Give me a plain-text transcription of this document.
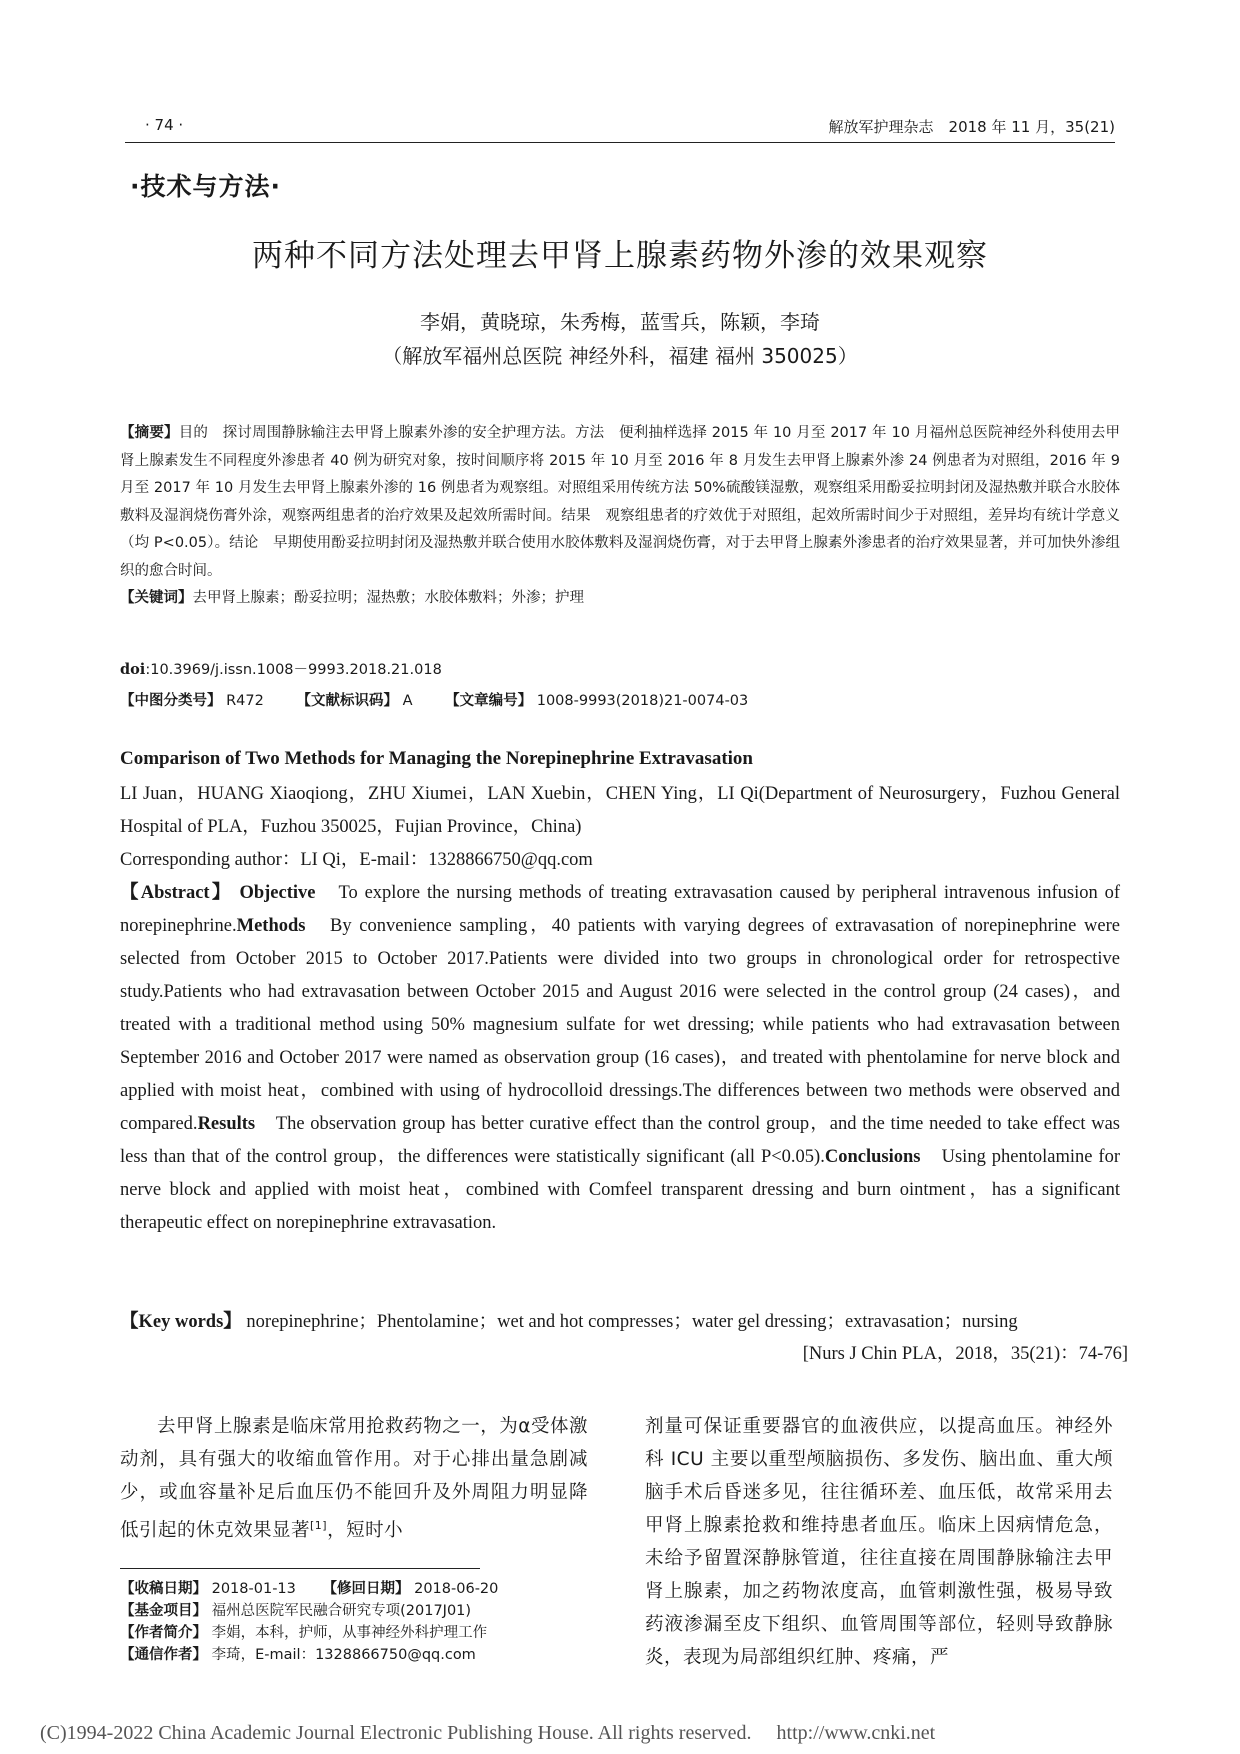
· 74 ·	解放军护理杂志　2018 年 11 月，35(21)
·技术与方法·
两种不同方法处理去甲肾上腺素药物外渗的效果观察
李娟，黄晓琼，朱秀梅，蓝雪兵，陈颖，李琦
（解放军福州总医院 神经外科，福建 福州 350025）
【摘要】目的　探讨周围静脉输注去甲肾上腺素外渗的安全护理方法。方法　便利抽样选择 2015 年 10 月至 2017 年 10 月福州总医院神经外科使用去甲肾上腺素发生不同程度外渗患者 40 例为研究对象，按时间顺序将 2015 年 10 月至 2016 年 8 月发生去甲肾上腺素外渗 24 例患者为对照组，2016 年 9 月至 2017 年 10 月发生去甲肾上腺素外渗的 16 例患者为观察组。对照组采用传统方法 50%硫酸镁湿敷，观察组采用酚妥拉明封闭及湿热敷并联合水胶体敷料及湿润烧伤膏外涂，观察两组患者的治疗效果及起效所需时间。结果　观察组患者的疗效优于对照组，起效所需时间少于对照组，差异均有统计学意义（均 P<0.05）。结论　早期使用酚妥拉明封闭及湿热敷并联合使用水胶体敷料及湿润烧伤膏，对于去甲肾上腺素外渗患者的治疗效果显著，并可加快外渗组织的愈合时间。
【关键词】去甲肾上腺素；酚妥拉明；湿热敷；水胶体敷料；外渗；护理
doi:10.3969/j.issn.1008－9993.2018.21.018
【中图分类号】 R472 【文献标识码】 A 【文章编号】 1008-9993(2018)21-0074-03
Comparison of Two Methods for Managing the Norepinephrine Extravasation
LI Juan，HUANG Xiaoqiong，ZHU Xiumei，LAN Xuebin，CHEN Ying，LI Qi(Department of Neurosurgery，Fuzhou General Hospital of PLA，Fuzhou 350025，Fujian Province，China)
Corresponding author：LI Qi，E-mail：1328866750@qq.com
【Abstract】 Objective　To explore the nursing methods of treating extravasation caused by peripheral intravenous infusion of norepinephrine.Methods　By convenience sampling，40 patients with varying degrees of extravasation of norepinephrine were selected from October 2015 to October 2017.Patients were divided into two groups in chronological order for retrospective study.Patients who had extravasation between October 2015 and August 2016 were selected in the control group (24 cases)，and treated with a traditional method using 50% magnesium sulfate for wet dressing; while patients who had extravasation between September 2016 and October 2017 were named as observation group (16 cases)，and treated with phentolamine for nerve block and applied with moist heat，combined with using of hydrocolloid dressings.The differences between two methods were observed and compared.Results　The observation group has better curative effect than the control group，and the time needed to take effect was less than that of the control group，the differences were statistically significant (all P<0.05).Conclusions　Using phentolamine for nerve block and applied with moist heat，combined with Comfeel transparent dressing and burn ointment，has a significant therapeutic effect on norepinephrine extravasation.
【Key words】 norepinephrine；Phentolamine；wet and hot compresses；water gel dressing；extravasation；nursing
[Nurs J Chin PLA，2018，35(21)：74-76]
去甲肾上腺素是临床常用抢救药物之一，为α受体激动剂，具有强大的收缩血管作用。对于心排出量急剧减少，或血容量补足后血压仍不能回升及外周阻力明显降低引起的休克效果显著[1]，短时小
【收稿日期】 2018-01-13 【修回日期】 2018-06-20
【基金项目】 福州总医院军民融合研究专项(2017J01)
【作者简介】 李娟，本科，护师，从事神经外科护理工作
【通信作者】 李琦，E-mail：1328866750@qq.com
剂量可保证重要器官的血液供应，以提高血压。神经外科 ICU 主要以重型颅脑损伤、多发伤、脑出血、重大颅脑手术后昏迷多见，往往循环差、血压低，故常采用去甲肾上腺素抢救和维持患者血压。临床上因病情危急，未给予留置深静脉管道，往往直接在周围静脉输注去甲肾上腺素，加之药物浓度高，血管刺激性强，极易导致药液渗漏至皮下组织、血管周围等部位，轻则导致静脉炎，表现为局部组织红肿、疼痛，严
(C)1994-2022 China Academic Journal Electronic Publishing House. All rights reserved.　 http://www.cnki.net
